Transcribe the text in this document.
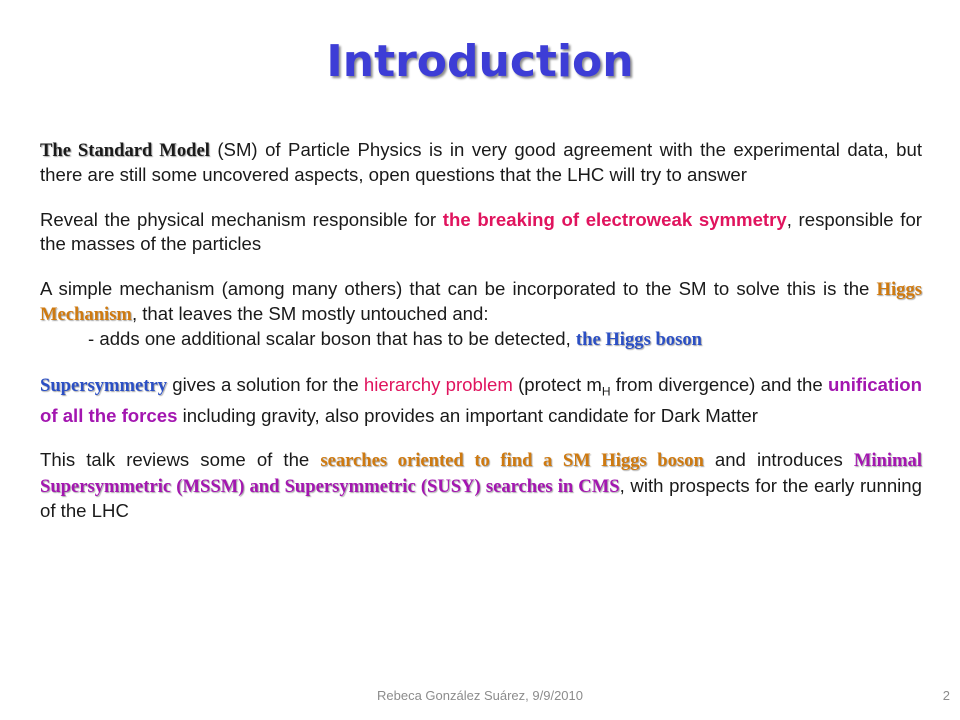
Introduction

The Standard Model (SM) of Particle Physics is in very good agreement with the experimental data, but there are still some uncovered aspects, open questions that the LHC will try to answer

Reveal the physical mechanism responsible for the breaking of electroweak symmetry, responsible for the masses of the particles

A simple mechanism (among many others) that can be incorporated to the SM to solve this is the Higgs Mechanism, that leaves the SM mostly untouched and:

- adds one additional scalar boson that has to be detected, the Higgs boson

Supersymmetry gives a solution for the hierarchy problem (protect $m_H$ from divergence) and the unification of all the forces including gravity, also provides an important candidate for Dark Matter

This talk reviews some of the searches oriented to find a SM Higgs boson and introduces Minimal Supersymmetric (MSSM) and Supersymmetric (SUSY) searches in CMS, with prospects for the early running of the LHC

Rebeca González Suárez, 9/9/2010	2
